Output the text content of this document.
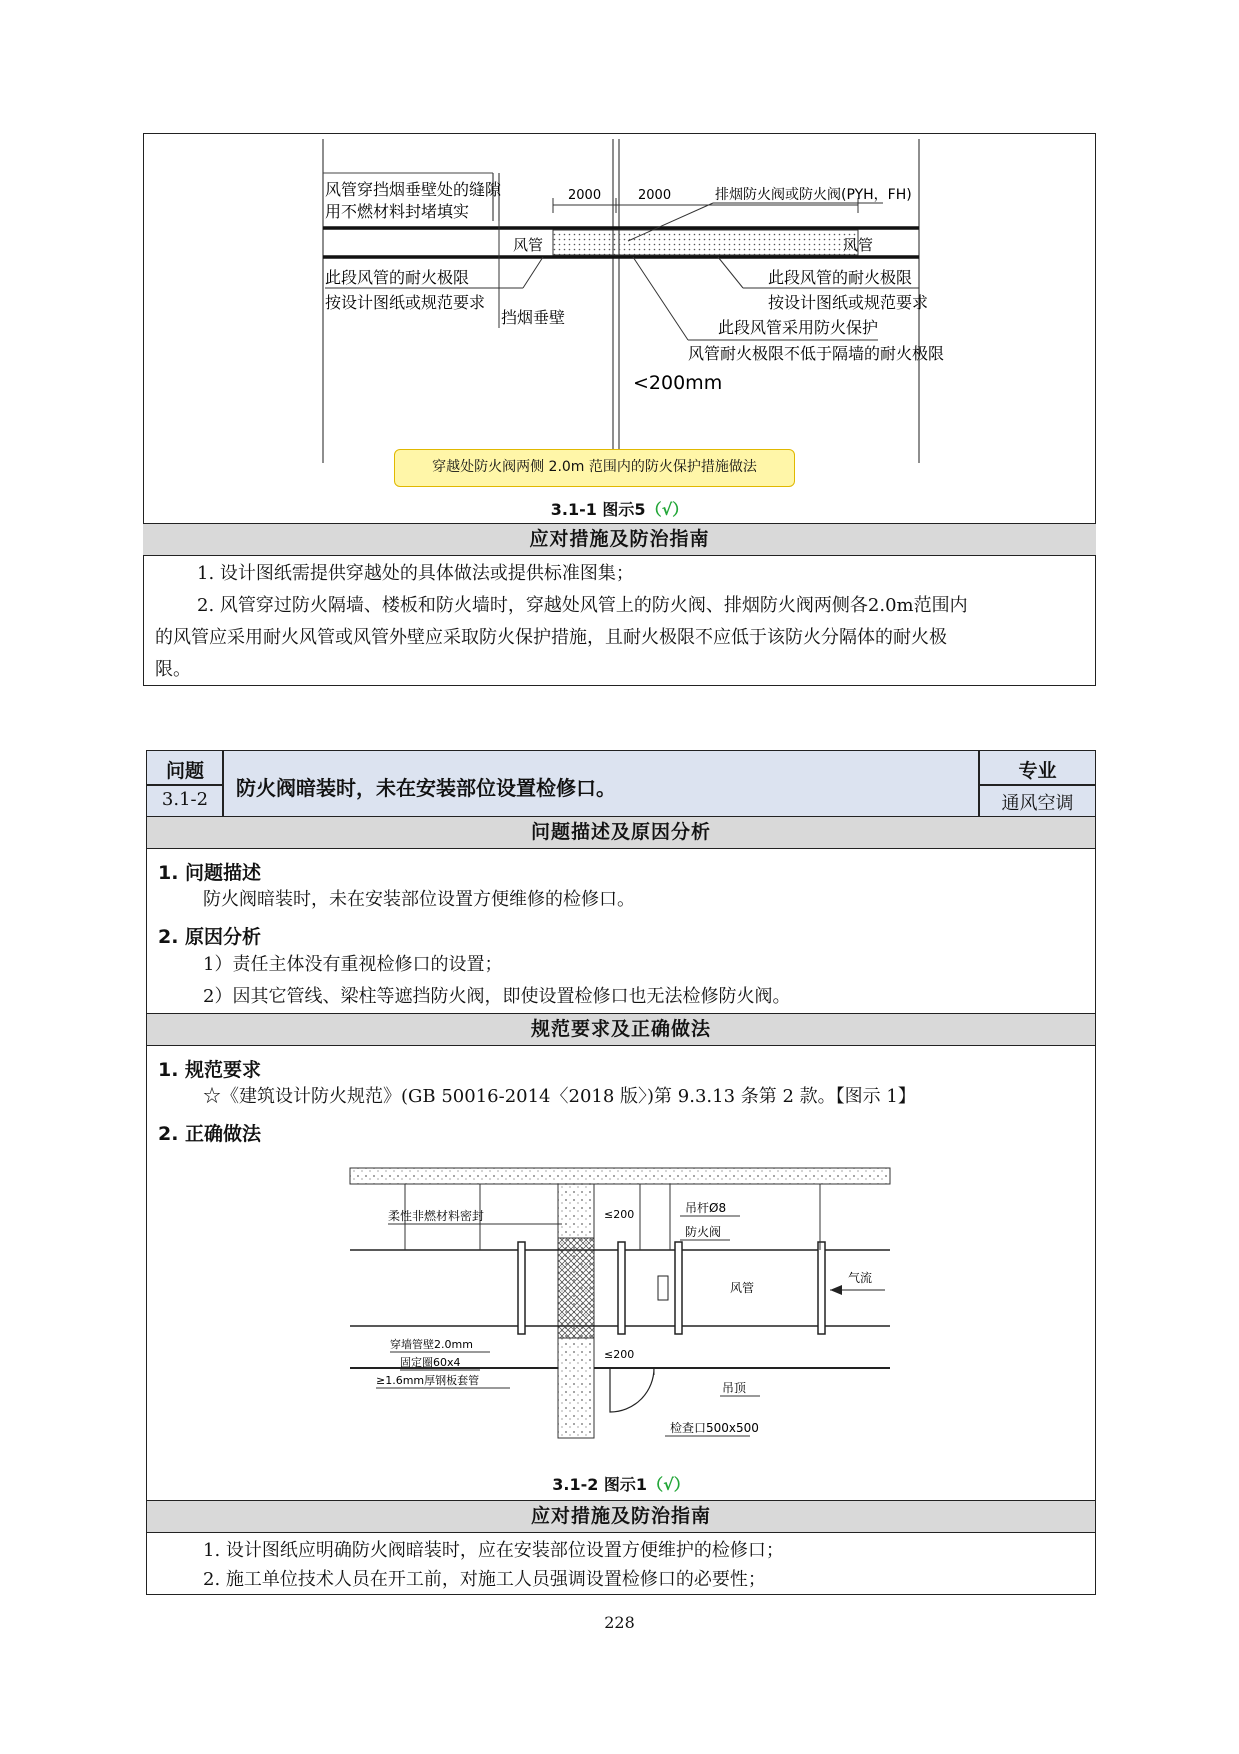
2000	2000
风管穿挡烟垂壁处的缝隙
用不燃材料封堵填实
排烟防火阀或防火阀(PYH，FH)
风管	风管
此段风管的耐火极限
按设计图纸或规范要求
挡烟垂壁
此段风管的耐火极限
按设计图纸或规范要求
此段风管采用防火保护
风管耐火极限不低于隔墙的耐火极限
<200mm
穿越处防火阀两侧 2.0m 范围内的防火保护措施做法
3.1-1 图示5（√）
应对措施及防治指南
1. 设计图纸需提供穿越处的具体做法或提供标准图集；
2. 风管穿过防火隔墙、楼板和防火墙时，穿越处风管上的防火阀、排烟防火阀两侧各2.0m范围内
的风管应采用耐火风管或风管外壁应采取防火保护措施，且耐火极限不应低于该防火分隔体的耐火极
限。
问题
3.1-2	防火阀暗装时，未在安装部位设置检修口。
专业
通风空调
问题描述及原因分析
1. 问题描述
防火阀暗装时，未在安装部位设置方便维修的检修口。
2. 原因分析
1）责任主体没有重视检修口的设置；
2）因其它管线、梁柱等遮挡防火阀，即使设置检修口也无法检修防火阀。
规范要求及正确做法
1. 规范要求
☆《建筑设计防火规范》(GB 50016-2014〈2018 版〉)第 9.3.13 条第 2 款。【图示 1】
2. 正确做法
柔性非燃材料密封	≤200	吊杆Ø8
防火阀
风管
气流
穿墙管壁2.0mm
固定圈60x4
≥1.6mm厚钢板套管
≤200
吊顶
检查口500x500
3.1-2 图示1（√）
应对措施及防治指南
1. 设计图纸应明确防火阀暗装时，应在安装部位设置方便维护的检修口；
2. 施工单位技术人员在开工前，对施工人员强调设置检修口的必要性；
228
